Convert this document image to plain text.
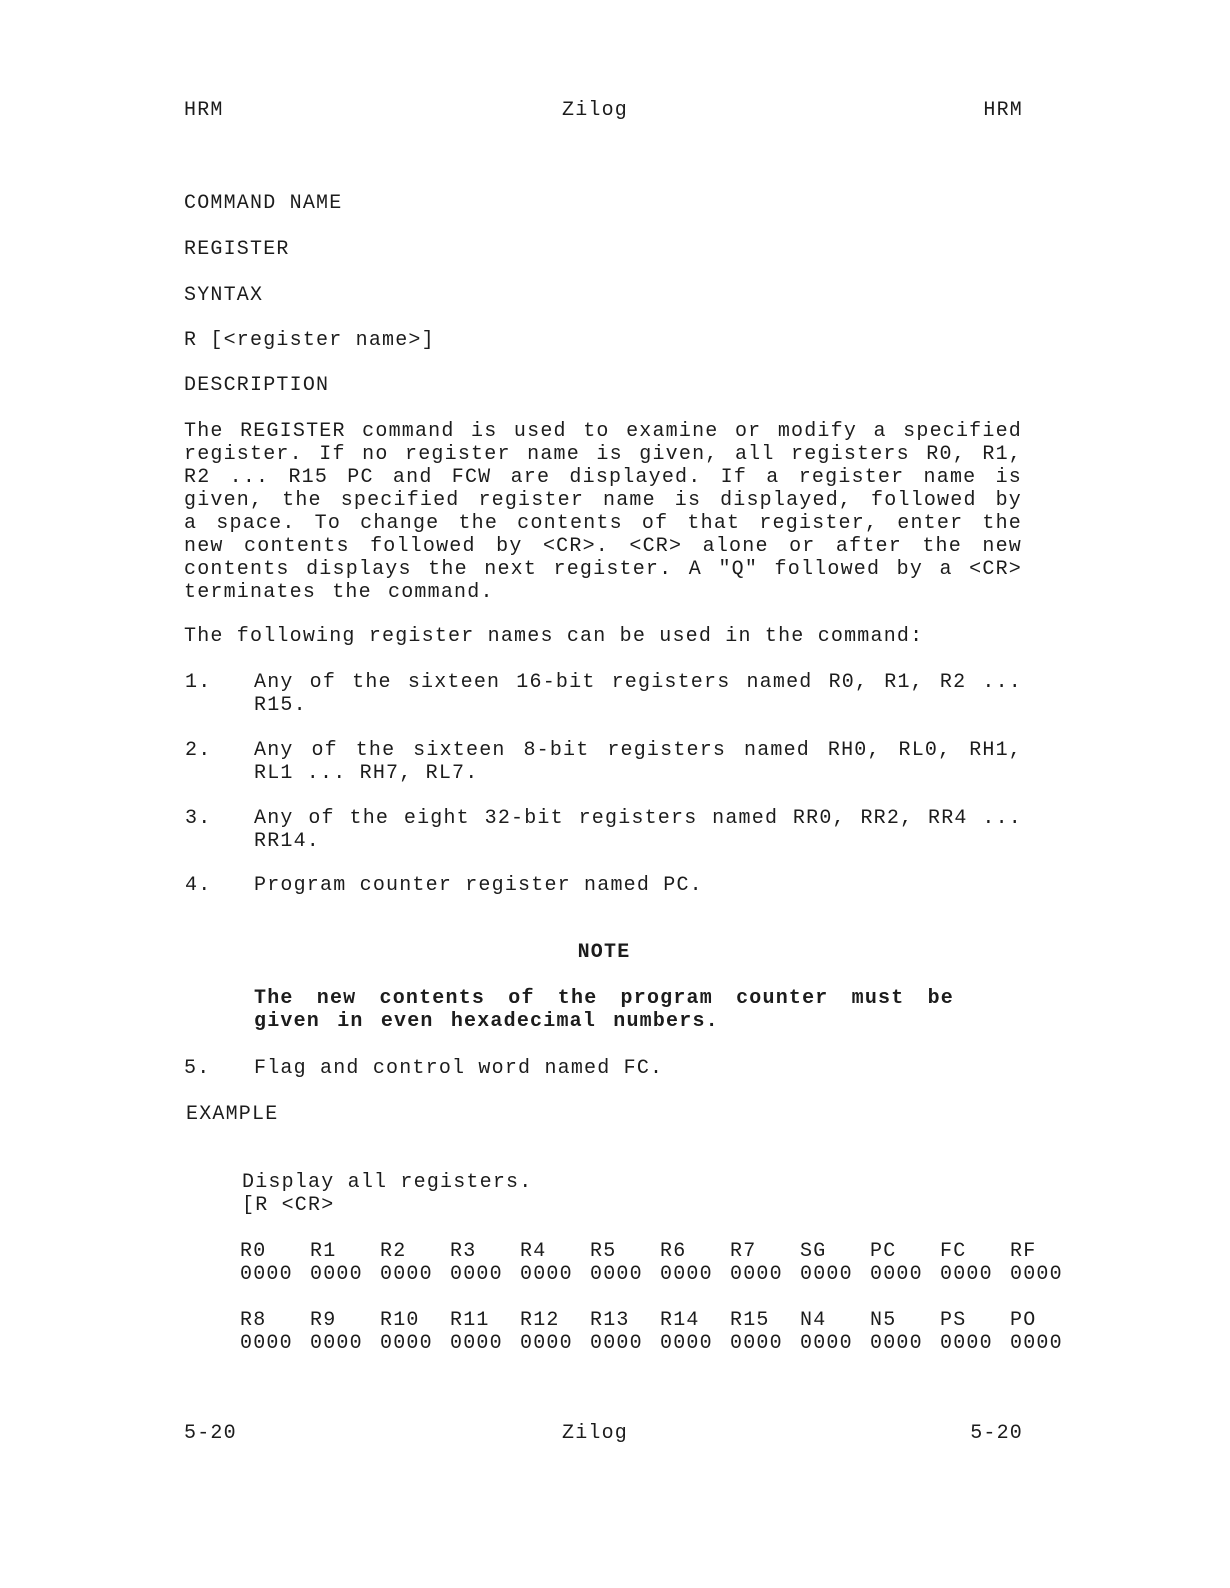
HRM	Zilog	HRM
COMMAND NAME
REGISTER
SYNTAX
R [<register name>]
DESCRIPTION
The REGISTER command is used to examine or modify a specified register. If no register name is given, all registers R0, R1, R2 ... R15 PC and FCW are displayed. If a register name is given, the specified register name is displayed, followed by a space. To change the contents of that register, enter the new contents followed by <CR>. <CR> alone or after the new contents displays the next register. A "Q" followed by a <CR> terminates the command.
The following register names can be used in the command:
1. Any of the sixteen 16-bit registers named R0, R1, R2 ... R15.
2. Any of the sixteen 8-bit registers named RH0, RL0, RH1, RL1 ... RH7, RL7.
3. Any of the eight 32-bit registers named RR0, RR2, RR4 ... RR14.
4. Program counter register named PC.
NOTE
The new contents of the program counter must be given in even hexadecimal numbers.
5. Flag and control word named FC.
EXAMPLE
Display all registers.
[R <CR>
R0	R1	R2	R3	R4	R5	R6	R7	SG	PC	FC	RF
0000 0000 0000 0000 0000 0000 0000 0000 0000 0000 0000 0000
R8	R9	R10	R11	R12	R13	R14	R15	N4	N5	PS	PO
0000 0000 0000 0000 0000 0000 0000 0000 0000 0000 0000 0000
5-20	Zilog	5-20
